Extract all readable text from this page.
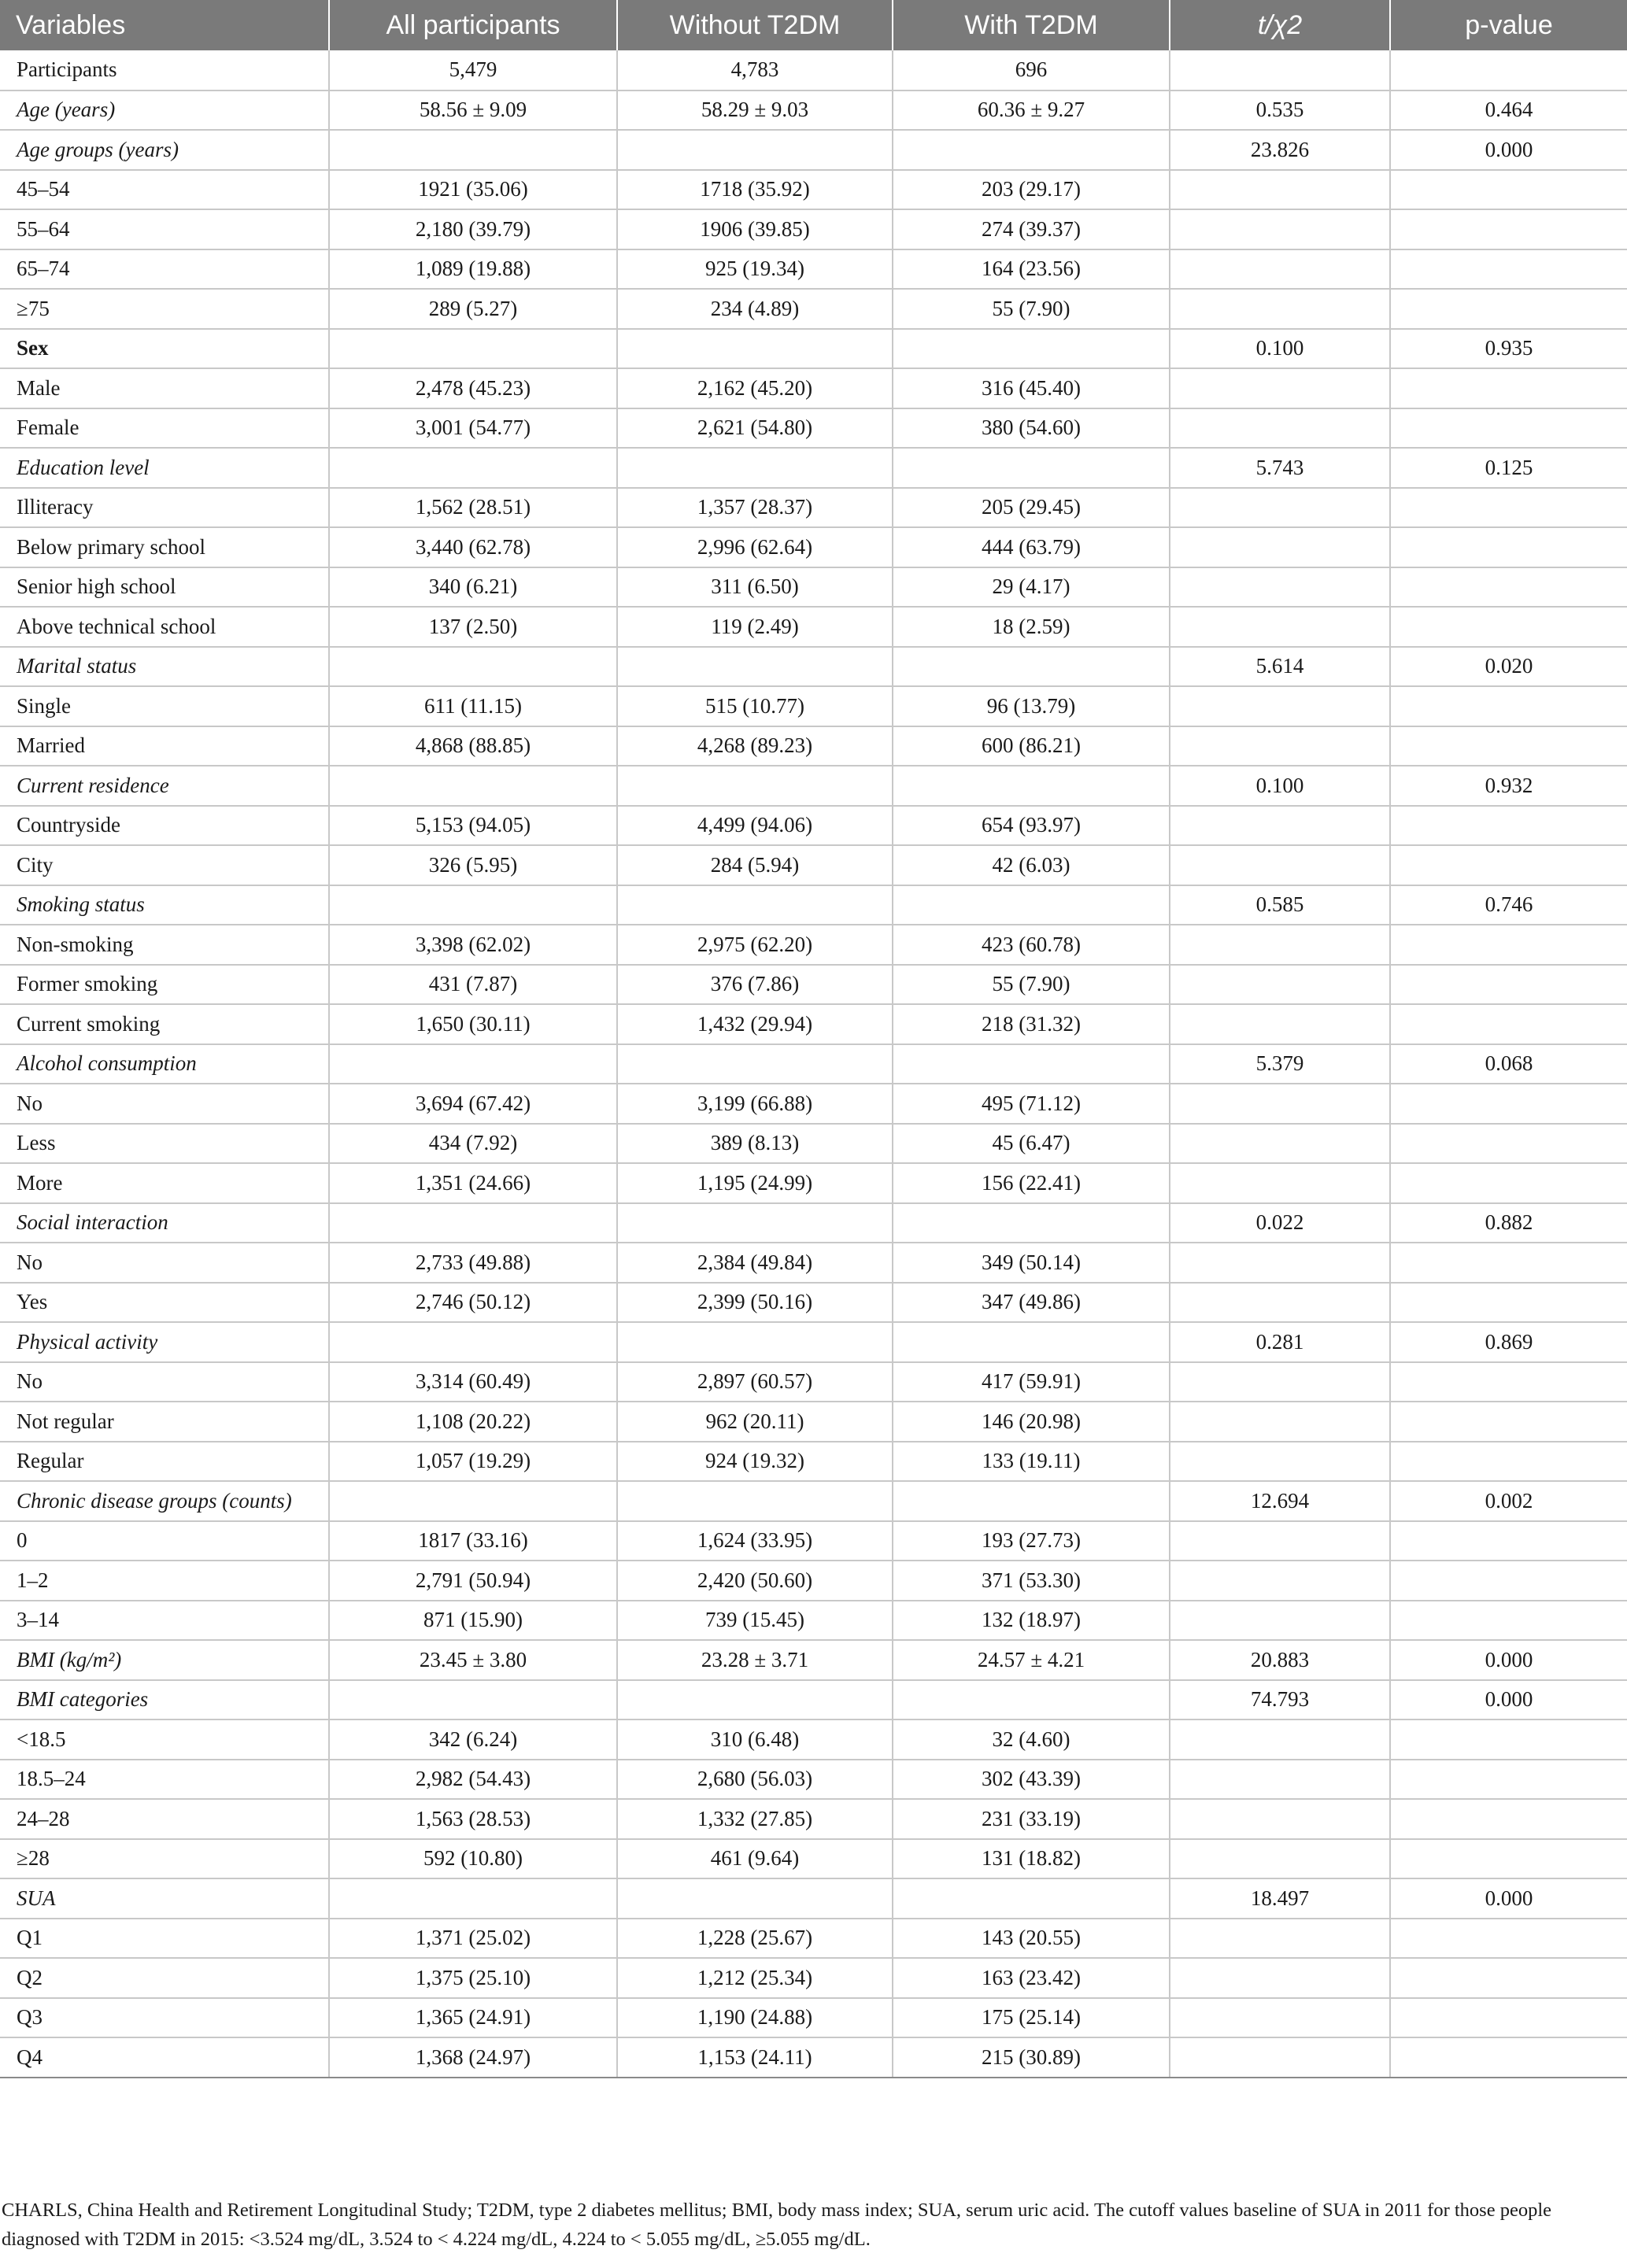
Variables	All participants	Without T2DM	With T2DM	t/χ2	p-value
Participants	5,479	4,783	696		
Age (years)	58.56 ± 9.09	58.29 ± 9.03	60.36 ± 9.27	0.535	0.464
Age groups (years)				23.826	0.000
45–54	1921 (35.06)	1718 (35.92)	203 (29.17)		
55–64	2,180 (39.79)	1906 (39.85)	274 (39.37)		
65–74	1,089 (19.88)	925 (19.34)	164 (23.56)		
≥75	289 (5.27)	234 (4.89)	55 (7.90)		
Sex				0.100	0.935
Male	2,478 (45.23)	2,162 (45.20)	316 (45.40)		
Female	3,001 (54.77)	2,621 (54.80)	380 (54.60)		
Education level				5.743	0.125
Illiteracy	1,562 (28.51)	1,357 (28.37)	205 (29.45)		
Below primary school	3,440 (62.78)	2,996 (62.64)	444 (63.79)		
Senior high school	340 (6.21)	311 (6.50)	29 (4.17)		
Above technical school	137 (2.50)	119 (2.49)	18 (2.59)		
Marital status				5.614	0.020
Single	611 (11.15)	515 (10.77)	96 (13.79)		
Married	4,868 (88.85)	4,268 (89.23)	600 (86.21)		
Current residence				0.100	0.932
Countryside	5,153 (94.05)	4,499 (94.06)	654 (93.97)		
City	326 (5.95)	284 (5.94)	42 (6.03)		
Smoking status				0.585	0.746
Non-smoking	3,398 (62.02)	2,975 (62.20)	423 (60.78)		
Former smoking	431 (7.87)	376 (7.86)	55 (7.90)		
Current smoking	1,650 (30.11)	1,432 (29.94)	218 (31.32)		
Alcohol consumption				5.379	0.068
No	3,694 (67.42)	3,199 (66.88)	495 (71.12)		
Less	434 (7.92)	389 (8.13)	45 (6.47)		
More	1,351 (24.66)	1,195 (24.99)	156 (22.41)		
Social interaction				0.022	0.882
No	2,733 (49.88)	2,384 (49.84)	349 (50.14)		
Yes	2,746 (50.12)	2,399 (50.16)	347 (49.86)		
Physical activity				0.281	0.869
No	3,314 (60.49)	2,897 (60.57)	417 (59.91)		
Not regular	1,108 (20.22)	962 (20.11)	146 (20.98)		
Regular	1,057 (19.29)	924 (19.32)	133 (19.11)		
Chronic disease groups (counts)				12.694	0.002
0	1817 (33.16)	1,624 (33.95)	193 (27.73)		
1–2	2,791 (50.94)	2,420 (50.60)	371 (53.30)		
3–14	871 (15.90)	739 (15.45)	132 (18.97)		
BMI (kg/m²)	23.45 ± 3.80	23.28 ± 3.71	24.57 ± 4.21	20.883	0.000
BMI categories				74.793	0.000
<18.5	342 (6.24)	310 (6.48)	32 (4.60)		
18.5–24	2,982 (54.43)	2,680 (56.03)	302 (43.39)		
24–28	1,563 (28.53)	1,332 (27.85)	231 (33.19)		
≥28	592 (10.80)	461 (9.64)	131 (18.82)		
SUA				18.497	0.000
Q1	1,371 (25.02)	1,228 (25.67)	143 (20.55)		
Q2	1,375 (25.10)	1,212 (25.34)	163 (23.42)		
Q3	1,365 (24.91)	1,190 (24.88)	175 (25.14)		
Q4	1,368 (24.97)	1,153 (24.11)	215 (30.89)		
CHARLS, China Health and Retirement Longitudinal Study; T2DM, type 2 diabetes mellitus; BMI, body mass index; SUA, serum uric acid. The cutoff values baseline of SUA in 2011 for those people diagnosed with T2DM in 2015: <3.524 mg/dL, 3.524 to < 4.224 mg/dL, 4.224 to < 5.055 mg/dL, ≥5.055 mg/dL.
